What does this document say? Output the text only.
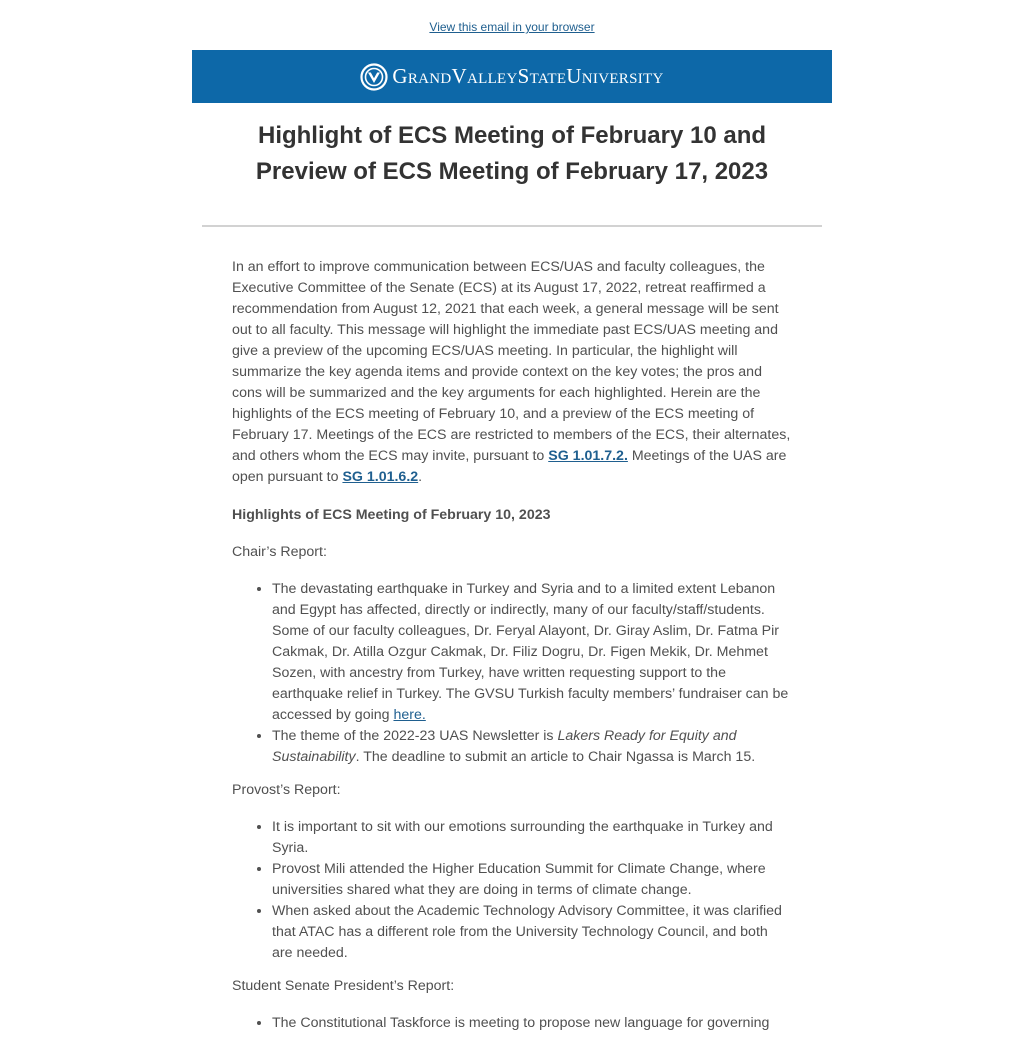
View this email in your browser
GRANDVALLEYSTATEUNIVERSITY
Highlight of ECS Meeting of February 10 and
Preview of ECS Meeting of February 17, 2023

In an effort to improve communication between ECS/UAS and faculty colleagues, the Executive Committee of the Senate (ECS) at its August 17, 2022, retreat reaffirmed a recommendation from August 12, 2021 that each week, a general message will be sent out to all faculty. This message will highlight the immediate past ECS/UAS meeting and give a preview of the upcoming ECS/UAS meeting. In particular, the highlight will summarize the key agenda items and provide context on the key votes; the pros and cons will be summarized and the key arguments for each highlighted. Herein are the highlights of the ECS meeting of February 10, and a preview of the ECS meeting of February 17. Meetings of the ECS are restricted to members of the ECS, their alternates, and others whom the ECS may invite, pursuant to SG 1.01.7.2. Meetings of the UAS are open pursuant to SG 1.01.6.2.

Highlights of ECS Meeting of February 10, 2023

Chair’s Report:

• The devastating earthquake in Turkey and Syria and to a limited extent Lebanon and Egypt has affected, directly or indirectly, many of our faculty/staff/students. Some of our faculty colleagues, Dr. Feryal Alayont, Dr. Giray Aslim, Dr. Fatma Pir Cakmak, Dr. Atilla Ozgur Cakmak, Dr. Filiz Dogru, Dr. Figen Mekik, Dr. Mehmet Sozen, with ancestry from Turkey, have written requesting support to the earthquake relief in Turkey. The GVSU Turkish faculty members’ fundraiser can be accessed by going here.
• The theme of the 2022-23 UAS Newsletter is Lakers Ready for Equity and Sustainability. The deadline to submit an article to Chair Ngassa is March 15.

Provost’s Report:

• It is important to sit with our emotions surrounding the earthquake in Turkey and Syria.
• Provost Mili attended the Higher Education Summit for Climate Change, where universities shared what they are doing in terms of climate change.
• When asked about the Academic Technology Advisory Committee, it was clarified that ATAC has a different role from the University Technology Council, and both are needed.

Student Senate President’s Report:

• The Constitutional Taskforce is meeting to propose new language for governing
